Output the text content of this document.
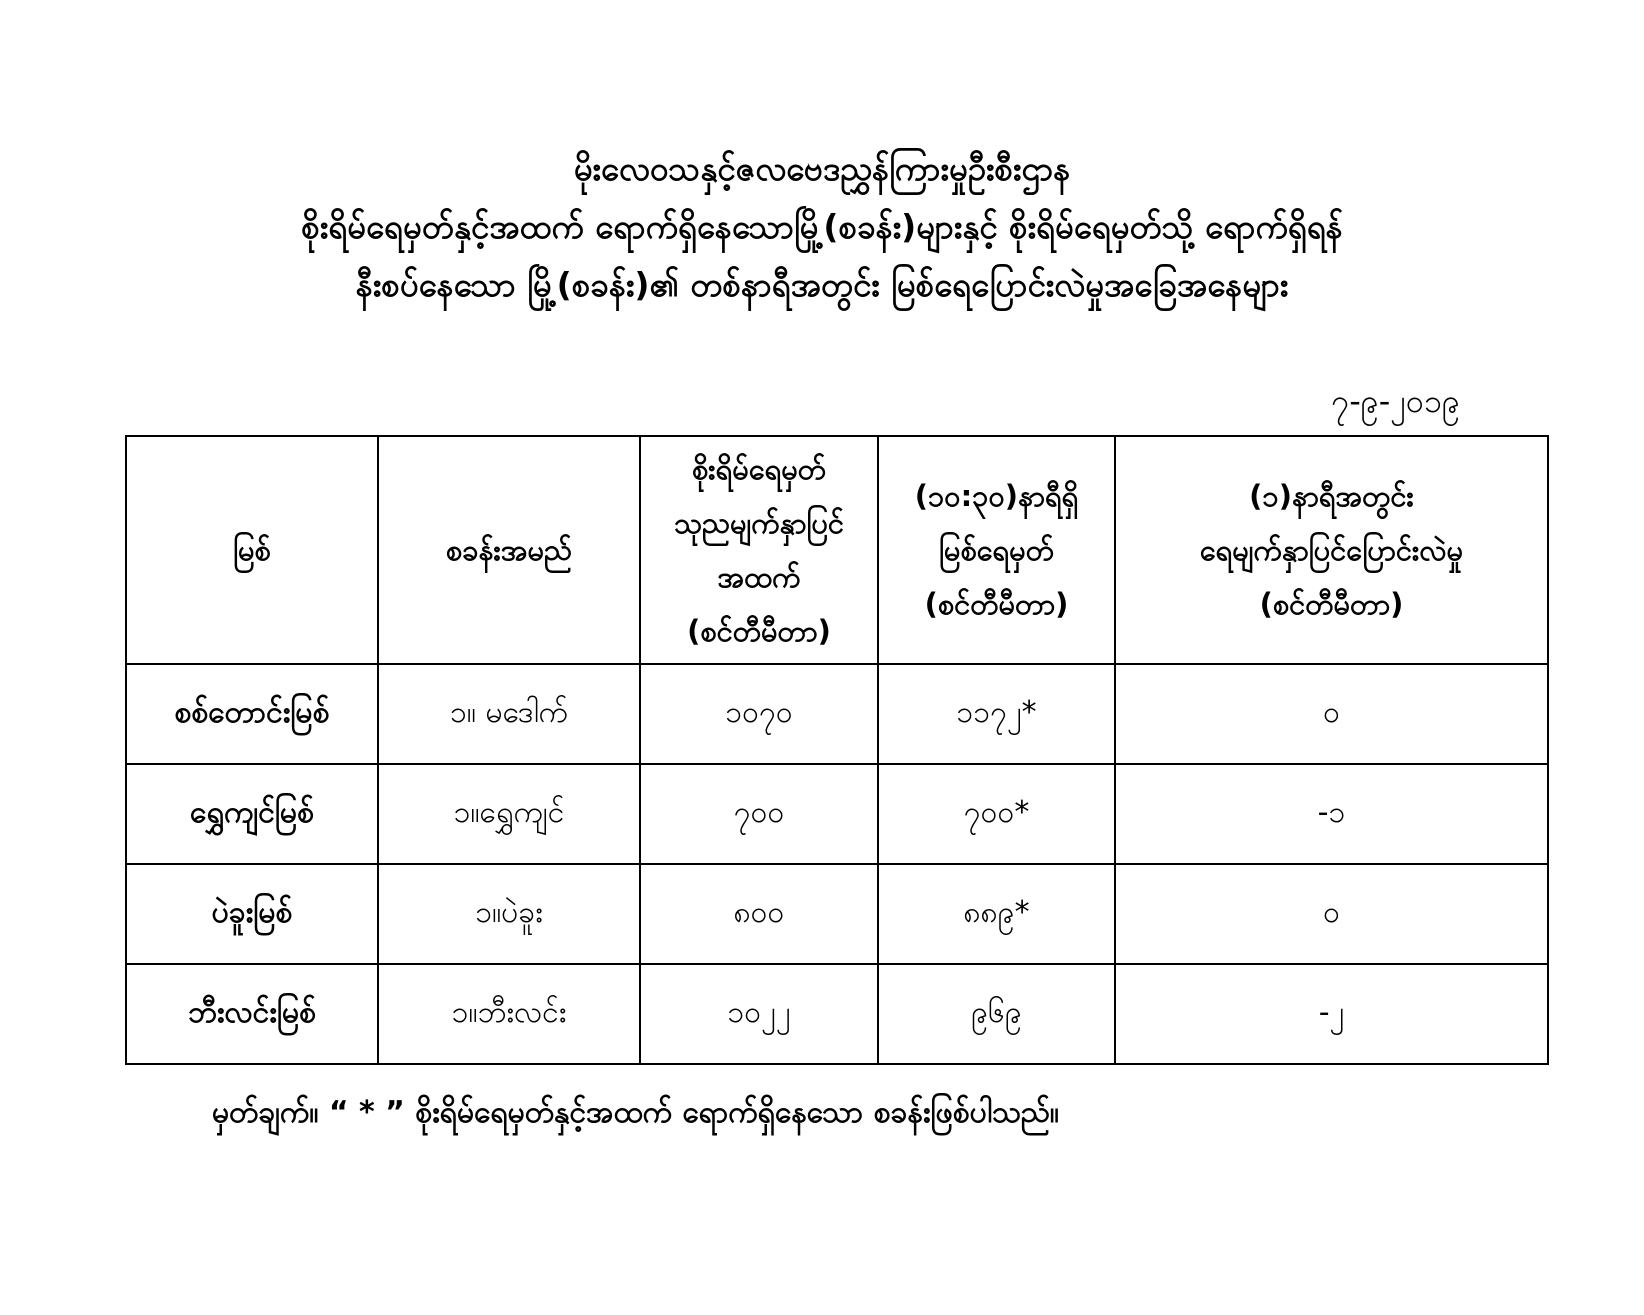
မိုးလေဝသနှင့်ဇလဗေဒညွှန်ကြားမှုဦးစီးဌာန
စိုးရိမ်ရေမှတ်နှင့်အထက် ရောက်ရှိနေသောမြို့(စခန်း)များနှင့် စိုးရိမ်ရေမှတ်သို့ ရောက်ရှိရန်
နီးစပ်နေသော မြို့(စခန်း)၏ တစ်နာရီအတွင်း မြစ်ရေပြောင်းလဲမှုအခြေအနေများ
၇-၉-၂၀၁၉
မြစ်	စခန်းအမည်	စိုးရိမ်ရေမှတ်
သုညမျက်နှာပြင်
အထက်
(စင်တီမီတာ)	(၁၀:၃၀)နာရီရှိ
မြစ်ရေမှတ်
(စင်တီမီတာ)	(၁)နာရီအတွင်း
ရေမျက်နှာပြင်ပြောင်းလဲမှု
(စင်တီမီတာ)

စစ်တောင်းမြစ်	၁။ မဒေါက်	၁၀၇၀	၁၁၇၂*	၀
ရွှေကျင်မြစ်	၁။ရွှေကျင်	၇၀၀	၇၀၀*	-၁
ပဲခူးမြစ်	၁။ပဲခူး	၈၀၀	၈၈၉*	၀
ဘီးလင်းမြစ်	၁။ဘီးလင်း	၁၀၂၂	၉၆၉	-၂
မှတ်ချက်။ “ * ” စိုးရိမ်ရေမှတ်နှင့်အထက် ရောက်ရှိနေသော စခန်းဖြစ်ပါသည်။
